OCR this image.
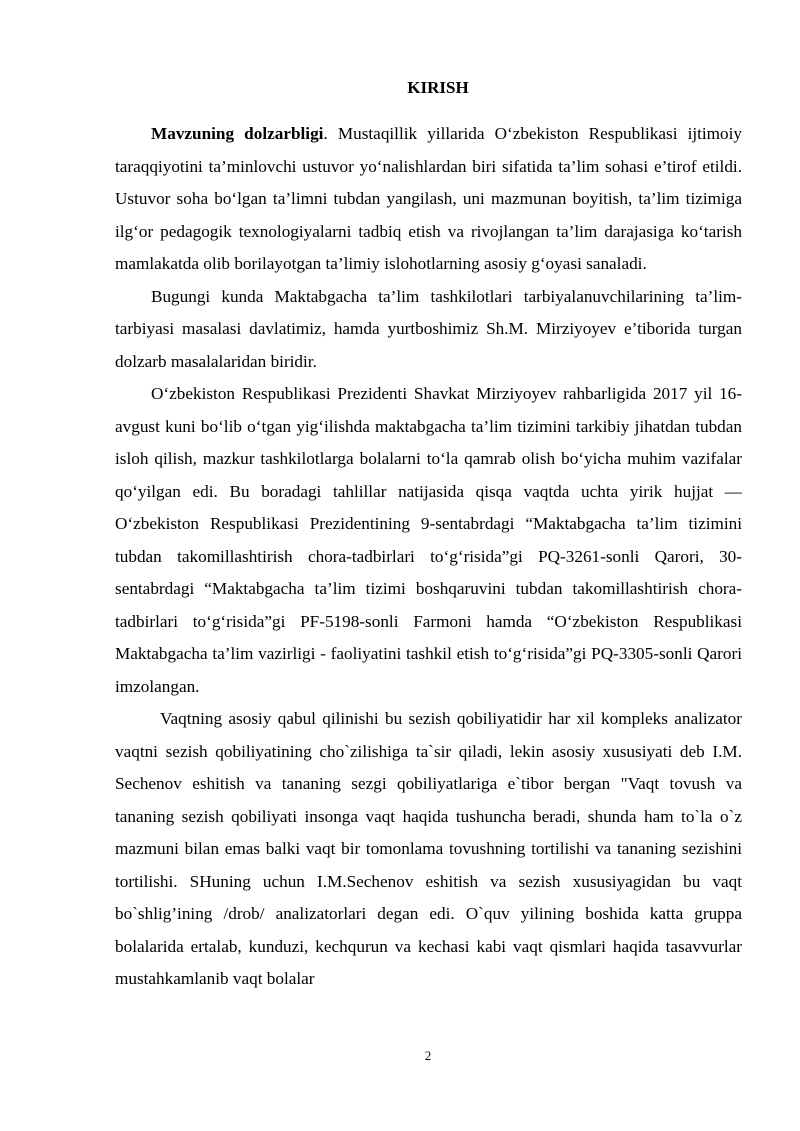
KIRISH

Mavzuning dolzarbligi. Mustaqillik yillarida O‘zbekiston Respublikasi ijtimoiy taraqqiyotini ta’minlovchi ustuvor yo‘nalishlardan biri sifatida ta’lim sohasi e’tirof etildi. Ustuvor soha bo‘lgan ta’limni tubdan yangilash, uni mazmunan boyitish, ta’lim tizimiga ilg‘or pedagogik texnologiyalarni tadbiq etish va rivojlangan ta’lim darajasiga ko‘tarish mamlakatda olib borilayotgan ta’limiy islohotlarning asosiy g‘oyasi sanaladi.

Bugungi kunda Maktabgacha ta’lim tashkilotlari tarbiyalanuvchilarining ta’lim-tarbiyasi masalasi davlatimiz, hamda yurtboshimiz Sh.M. Mirziyoyev e’tiborida turgan dolzarb masalalaridan biridir.

O‘zbekiston Respublikasi Prezidenti Shavkat Mirziyoyev rahbarligida 2017 yil 16-avgust kuni bo‘lib o‘tgan yig‘ilishda maktabgacha ta’lim tizimini tarkibiy jihatdan tubdan isloh qilish, mazkur tashkilotlarga bolalarni to‘la qamrab olish bo‘yicha muhim vazifalar qo‘yilgan edi. Bu boradagi tahlillar natijasida qisqa vaqtda uchta yirik hujjat — O‘zbekiston Respublikasi Prezidentining 9-sentabrdagi “Maktabgacha ta’lim tizimini tubdan takomillashtirish chora-tadbirlari to‘g‘risida”gi PQ-3261-sonli Qarori, 30-sentabrdagi “Maktabgacha ta’lim tizimi boshqaruvini tubdan takomillashtirish chora-tadbirlari to‘g‘risida”gi PF-5198-sonli Farmoni hamda “O‘zbekiston Respublikasi Maktabgacha ta’lim vazirligi - faoliyatini tashkil etish to‘g‘risida”gi PQ-3305-sonli Qarori imzolangan.

Vaqtning asosiy qabul qilinishi bu sezish qobiliyatidir har xil kompleks analizator vaqtni sezish qobiliyatining cho`zilishiga ta`sir qiladi, lekin asosiy xususiyati deb I.M. Sechenov eshitish va tananing sezgi qobiliyatlariga e`tibor bergan "Vaqt tovush va tananing sezish qobiliyati insonga vaqt haqida tushuncha beradi, shunda ham to`la o`z mazmuni bilan emas balki vaqt bir tomonlama tovushning tortilishi va tananing sezishini tortilishi. SHuning uchun I.M.Sechenov eshitish va sezish xususiyagidan bu vaqt bo`shlig’ining /drob/ analizatorlari degan edi. O`quv yilining boshida katta gruppa bolalarida ertalab, kunduzi, kechqurun va kechasi kabi vaqt qismlari haqida tasavvurlar mustahkamlanib vaqt bolalar

2
